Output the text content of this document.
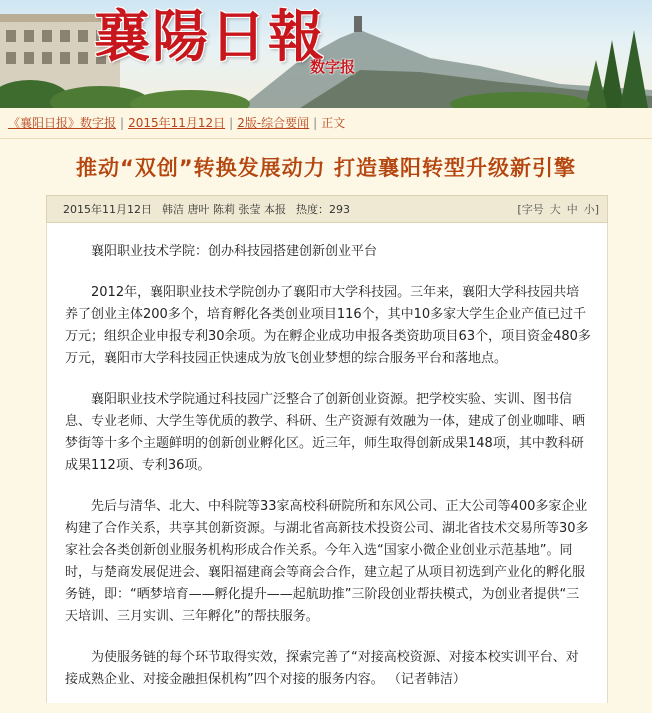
襄陽日報
数字报
《襄阳日报》数字报 | 2015年11月12日 | 2版-综合要闻 | 正文
推动“双创”转换发展动力 打造襄阳转型升级新引擎
2015年11月12日 韩洁 唐叶 陈莉 张莹 本报 热度：293	[字号 大 中 小]

襄阳职业技术学院：创办科技园搭建创新创业平台

2012年，襄阳职业技术学院创办了襄阳市大学科技园。三年来，襄阳大学科技园共培养了创业主体200多个，培育孵化各类创业项目116个，其中10多家大学生企业产值已过千万元；组织企业申报专利30余项。为在孵企业成功申报各类资助项目63个，项目资金480多万元，襄阳市大学科技园正快速成为放飞创业梦想的综合服务平台和落地点。

襄阳职业技术学院通过科技园广泛整合了创新创业资源。把学校实验、实训、图书信息、专业老师、大学生等优质的教学、科研、生产资源有效融为一体，建成了创业咖啡、晒梦街等十多个主题鲜明的创新创业孵化区。近三年，师生取得创新成果148项，其中教科研成果112项、专利36项。

先后与清华、北大、中科院等33家高校科研院所和东风公司、正大公司等400多家企业构建了合作关系，共享其创新资源。与湖北省高新技术投资公司、湖北省技术交易所等30多家社会各类创新创业服务机构形成合作关系。今年入选“国家小微企业创业示范基地”。同时，与楚商发展促进会、襄阳福建商会等商会合作，建立起了从项目初选到产业化的孵化服务链，即：“晒梦培育——孵化提升——起航助推”三阶段创业帮扶模式，为创业者提供“三天培训、三月实训、三年孵化”的帮扶服务。

为使服务链的每个环节取得实效，探索完善了“对接高校资源、对接本校实训平台、对接成熟企业、对接金融担保机构”四个对接的服务内容。 （记者韩洁）
